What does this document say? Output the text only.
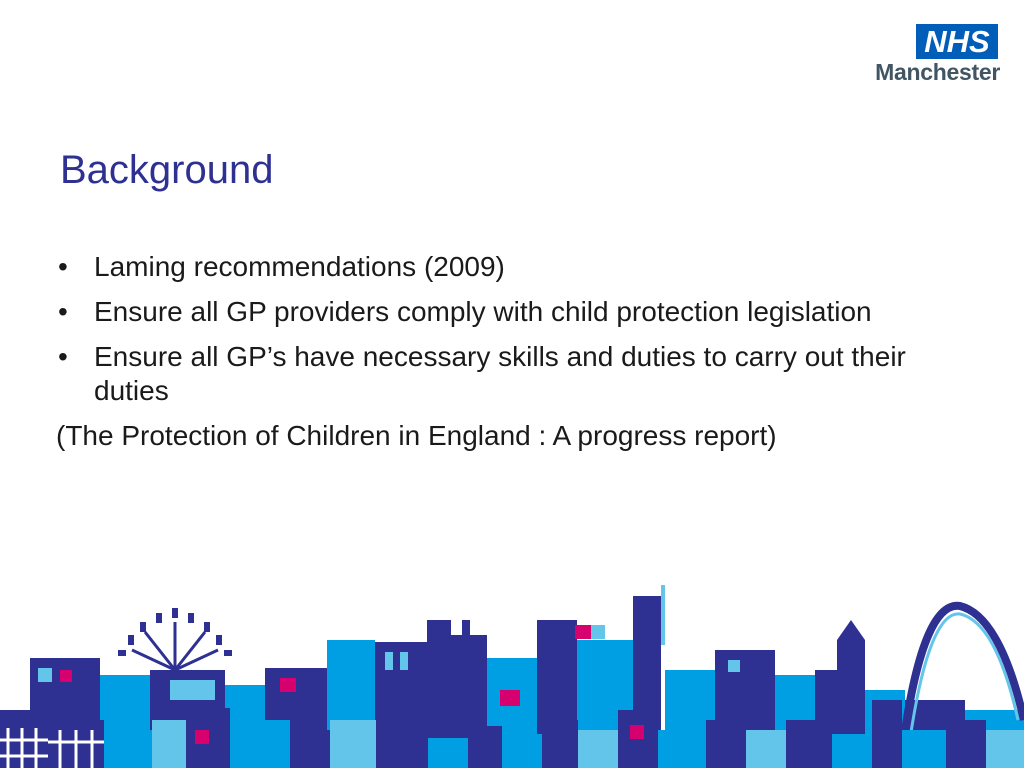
NHS
Manchester
Background
• Laming recommendations (2009)
• Ensure all GP providers comply with child protection legislation
• Ensure all GP’s have necessary skills and duties to carry out their duties
(The Protection of Children in England : A progress report)
